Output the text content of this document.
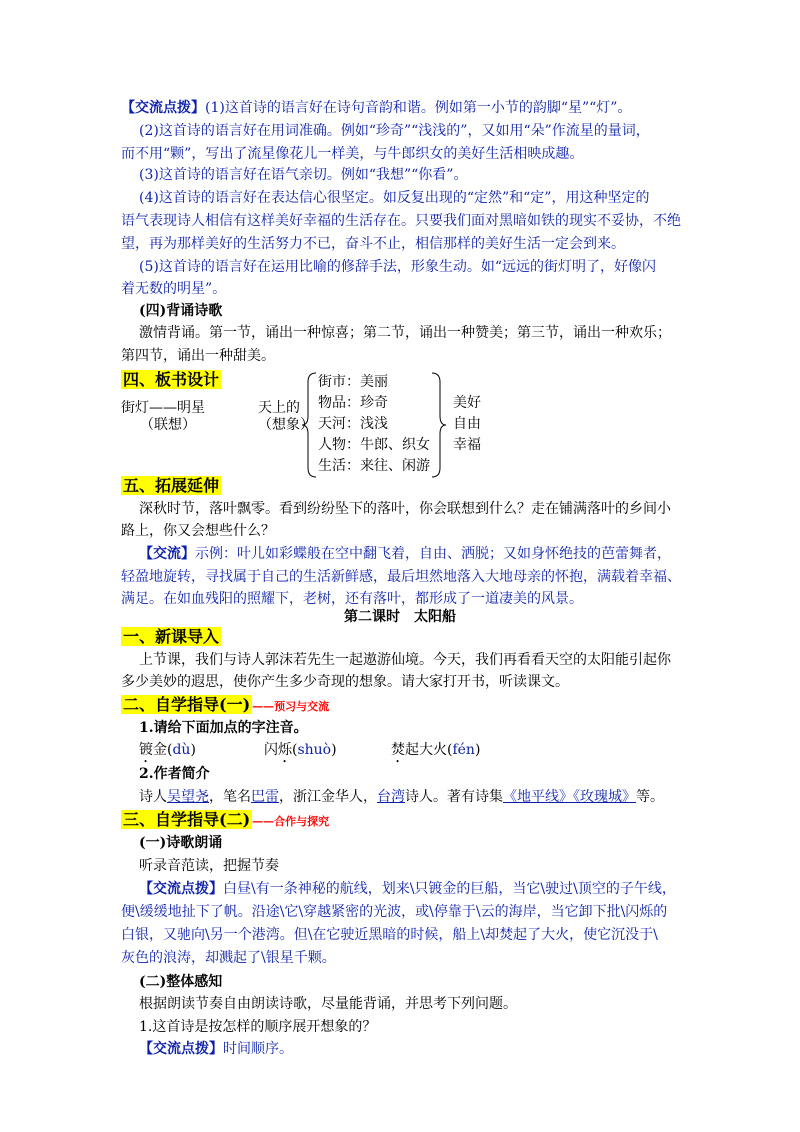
【交流点拨】(1)这首诗的语言好在诗句音韵和谐。例如第一小节的韵脚“星”“灯”。
(2)这首诗的语言好在用词准确。例如“珍奇”“浅浅的”，又如用“朵”作流星的量词，
而不用“颗”，写出了流星像花儿一样美，与牛郎织女的美好生活相映成趣。
(3)这首诗的语言好在语气亲切。例如“我想”“你看”。
(4)这首诗的语言好在表达信心很坚定。如反复出现的“定然”和“定”，用这种坚定的
语气表现诗人相信有这样美好幸福的生活存在。只要我们面对黑暗如铁的现实不妥协，不绝
望，再为那样美好的生活努力不已，奋斗不止，相信那样的美好生活一定会到来。
(5)这首诗的语言好在运用比喻的修辞手法，形象生动。如“远远的街灯明了，好像闪
着无数的明星”。
(四)背诵诗歌
激情背诵。第一节，诵出一种惊喜；第二节，诵出一种赞美；第三节，诵出一种欢乐；
第四节，诵出一种甜美。
四、板书设计
街灯——明星
（联想）
天上的
（想象）
街市：美丽
物品：珍奇
天河：浅浅
人物：牛郎、织女
生活：来往、闲游
美好
自由
幸福
五、拓展延伸
深秋时节，落叶飘零。看到纷纷坠下的落叶，你会联想到什么？走在铺满落叶的乡间小
路上，你又会想些什么？
【交流】示例：叶儿如彩蝶般在空中翻飞着，自由、洒脱；又如身怀绝技的芭蕾舞者，
轻盈地旋转，寻找属于自己的生活新鲜感，最后坦然地落入大地母亲的怀抱，满载着幸福、
满足。在如血残阳的照耀下，老树，还有落叶，都形成了一道凄美的风景。
第二课时　太阳船
一、新课导入
上节课，我们与诗人郭沫若先生一起遨游仙境。今天，我们再看看天空的太阳能引起你
多少美妙的遐思，使你产生多少奇现的想象。请大家打开书，听读课文。
二、自学指导(一) ——预习与交流
1.请给下面加点的字注音。
镀金(dù)	闪烁(shuò)	焚起大火(fén)
2.作者简介
诗人吴望尧，笔名巴雷，浙江金华人，台湾诗人。著有诗集《地平线》《玫瑰城》等。
三、自学指导(二) ——合作与探究
(一)诗歌朗诵
听录音范读，把握节奏
【交流点拨】白昼\有一条神秘的航线，划来\只镀金的巨船，当它\驶过\顶空的子午线，
便\缓缓地扯下了帆。沿途\它\穿越紧密的光波，或\停靠于\云的海岸，当它卸下批\闪烁的
白银，又驰向\另一个港湾。但\在它驶近黑暗的时候，船上\却焚起了大火，使它沉没于\
灰色的浪涛，却溅起了\银星千颗。
(二)整体感知
根据朗读节奏自由朗读诗歌，尽量能背诵，并思考下列问题。
1.这首诗是按怎样的顺序展开想象的？
【交流点拨】时间顺序。
